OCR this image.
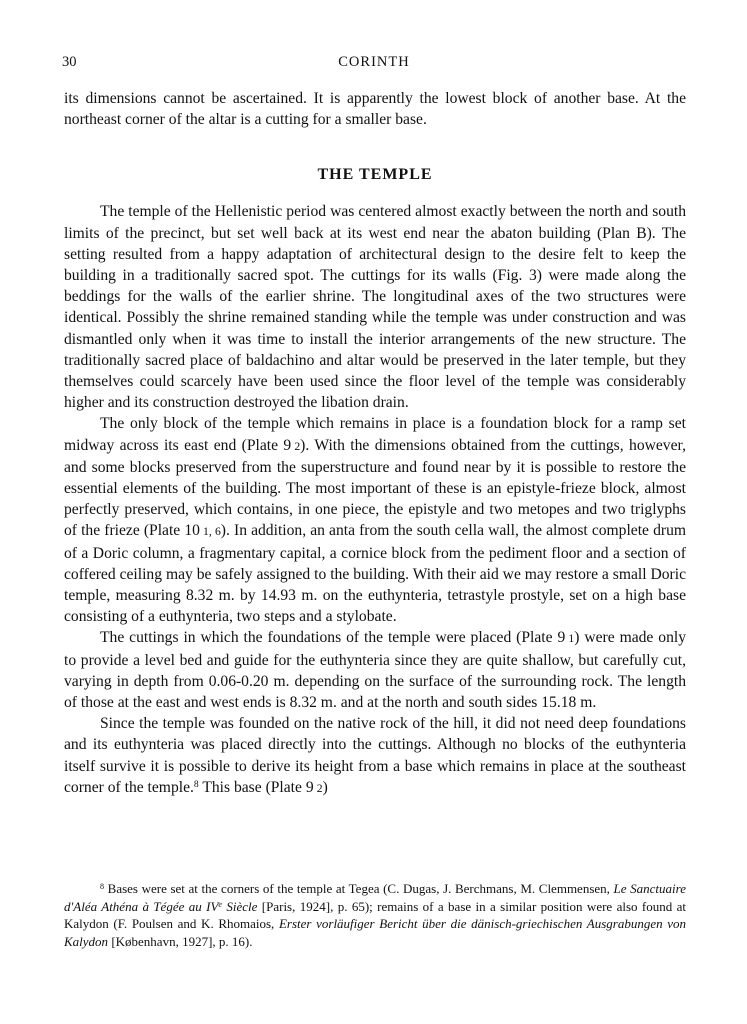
30	CORINTH

its dimensions cannot be ascertained. It is apparently the lowest block of another base. At the northeast corner of the altar is a cutting for a smaller base.

THE TEMPLE

The temple of the Hellenistic period was centered almost exactly between the north and south limits of the precinct, but set well back at its west end near the abaton building (Plan B). The setting resulted from a happy adaptation of architectural design to the desire felt to keep the building in a traditionally sacred spot. The cuttings for its walls (Fig. 3) were made along the beddings for the walls of the earlier shrine. The longitudinal axes of the two structures were identical. Possibly the shrine remained standing while the temple was under construction and was dismantled only when it was time to install the interior arrangements of the new structure. The traditionally sacred place of baldachino and altar would be preserved in the later temple, but they themselves could scarcely have been used since the floor level of the temple was considerably higher and its construction destroyed the libation drain.

The only block of the temple which remains in place is a foundation block for a ramp set midway across its east end (Plate 9  2). With the dimensions obtained from the cuttings, however, and some blocks preserved from the superstructure and found near by it is possible to restore the essential elements of the building. The most important of these is an epistyle-frieze block, almost perfectly preserved, which contains, in one piece, the epistyle and two metopes and two triglyphs of the frieze (Plate 10  1, 6). In addition, an anta from the south cella wall, the almost complete drum of a Doric column, a fragmentary capital, a cornice block from the pediment floor and a section of coffered ceiling may be safely assigned to the building. With their aid we may restore a small Doric temple, measuring 8.32 m. by 14.93 m. on the euthynteria, tetrastyle prostyle, set on a high base consisting of a euthynteria, two steps and a stylobate.

The cuttings in which the foundations of the temple were placed (Plate 9  1) were made only to provide a level bed and guide for the euthynteria since they are quite shallow, but carefully cut, varying in depth from 0.06-0.20 m. depending on the surface of the surrounding rock. The length of those at the east and west ends is 8.32 m. and at the north and south sides 15.18 m.

Since the temple was founded on the native rock of the hill, it did not need deep foundations and its euthynteria was placed directly into the cuttings. Although no blocks of the euthynteria itself survive it is possible to derive its height from a base which remains in place at the southeast corner of the temple.$^8$ This base (Plate 9  2)

$^8$ Bases were set at the corners of the temple at Tegea (C. Dugas, J. Berchmans, M. Clemmensen, Le Sanctuaire d'Aléa Athéna à Tégée au IVe Siècle [Paris, 1924], p. 65); remains of a base in a similar position were also found at Kalydon (F. Poulsen and K. Rhomaios, Erster vorläufiger Bericht über die dänisch-griechischen Ausgrabungen von Kalydon [København, 1927], p. 16).
